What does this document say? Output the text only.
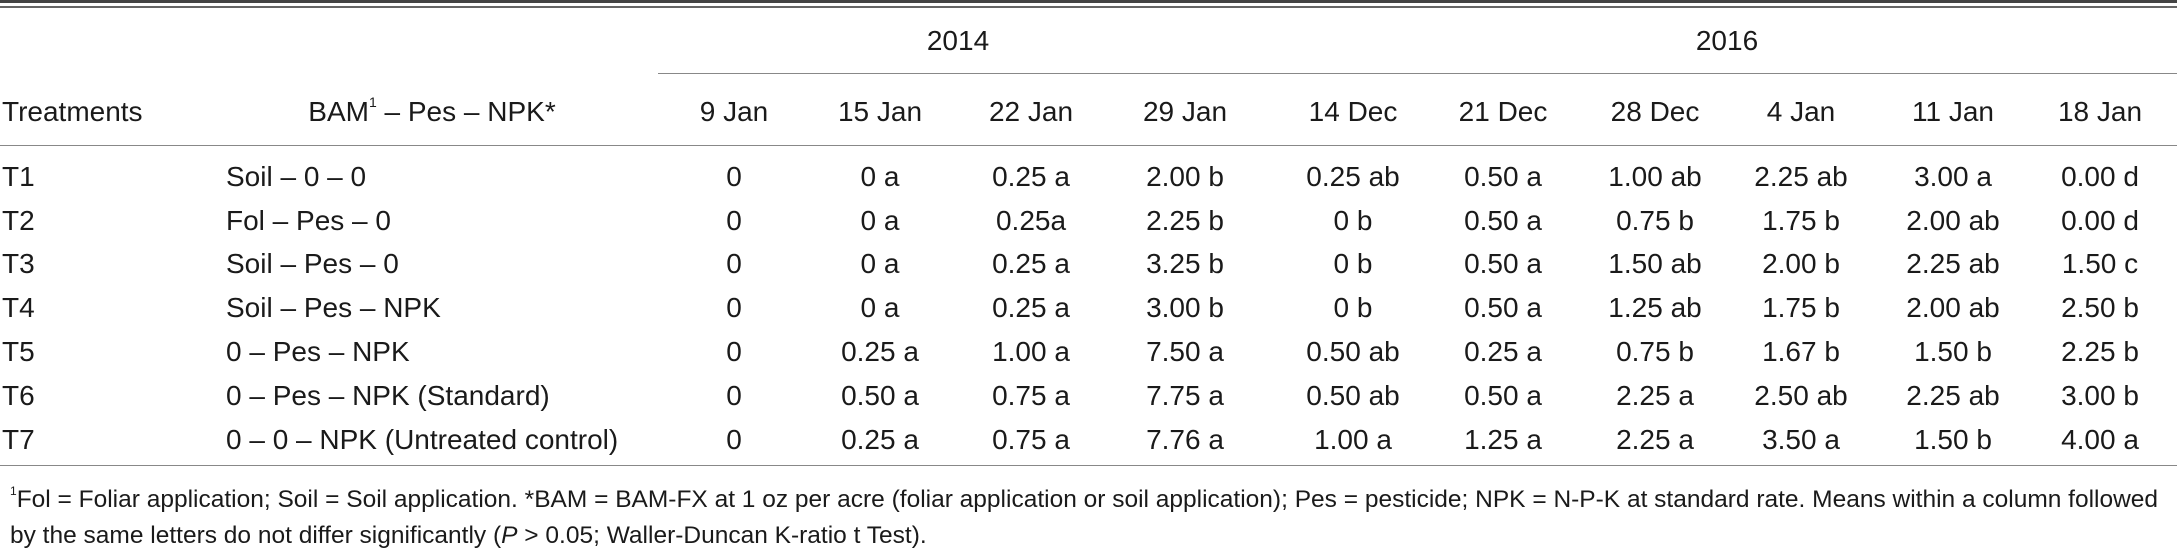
2014	2016
Treatments	BAM$^1$ – Pes – NPK*	9 Jan 15 Jan 22 Jan 29 Jan	14 Dec 21 Dec 28 Dec 4 Jan	11 Jan 18 Jan
T1	Soil – 0 – 0	0	0 a	0.25 a	2.00 b	0.25 ab 0.50 a 1.00 ab 2.25 ab 3.00 a 0.00 d
T2	Fol – Pes – 0	0	0 a	0.25a	2.25 b	0 b	0.50 a	0.75 b 1.75 b 2.00 ab 0.00 d
T3	Soil – Pes – 0	0	0 a	0.25 a	3.25 b	0 b	0.50 a 1.50 ab 2.00 b 2.25 ab 1.50 c
T4	Soil – Pes – NPK	0	0 a	0.25 a	3.00 b	0 b	0.50 a 1.25 ab 1.75 b 2.00 ab 2.50 b
T5	0 – Pes – NPK	0	0.25 a	1.00 a	7.50 a	0.50 ab 0.25 a	0.75 b 1.67 b	1.50 b 2.25 b
T6	0 – Pes – NPK (Standard)	0	0.50 a	0.75 a	7.75 a	0.50 ab 0.50 a	2.25 a 2.50 ab 2.25 ab 3.00 b
T7	0 – 0 – NPK (Untreated control)	0	0.25 a	0.75 a	7.76 a	1.00 a	1.25 a	2.25 a 3.50 a	1.50 b 4.00 a
$^1$Fol = Foliar application; Soil = Soil application. *BAM = BAM-FX at 1 oz per acre (foliar application or soil application); Pes = pesticide; NPK = N-P-K at standard rate. Means within a column followed by the same letters do not differ significantly (P > 0.05; Waller-Duncan K-ratio t Test).
